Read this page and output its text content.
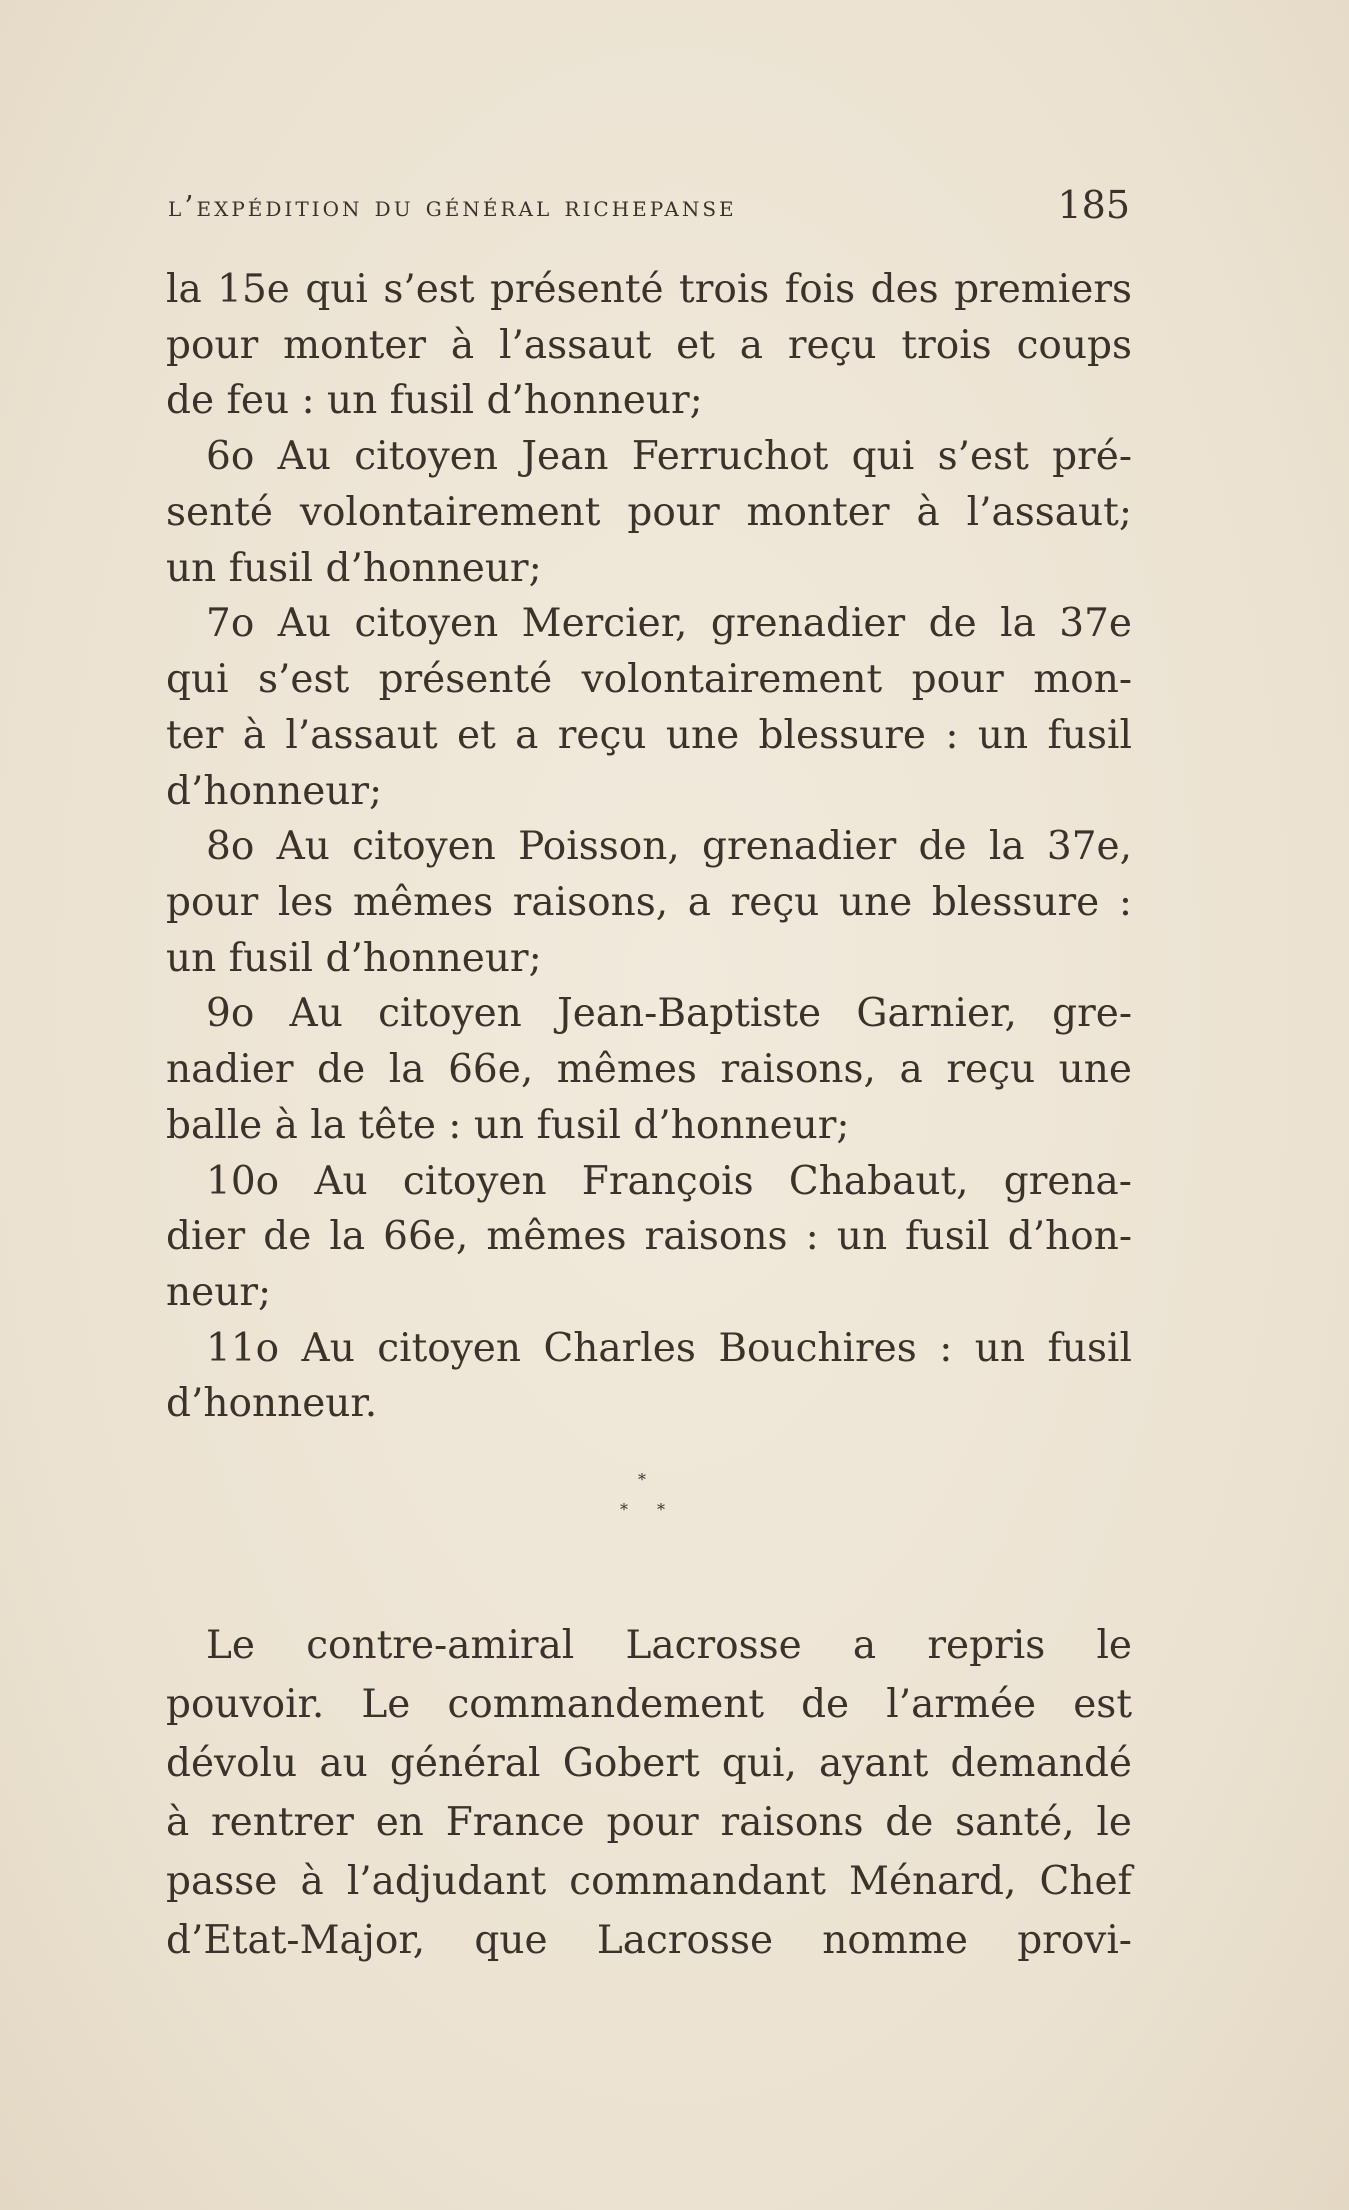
l’expédition du général richepanse	185
la 15e qui s’est présenté trois fois des premiers
pour monter à l’assaut et a reçu trois coups
de feu : un fusil d’honneur;
6o Au citoyen Jean Ferruchot qui s’est pré-
senté volontairement pour monter à l’assaut;
un fusil d’honneur;
7o Au citoyen Mercier, grenadier de la 37e
qui s’est présenté volontairement pour mon-
ter à l’assaut et a reçu une blessure : un fusil
d’honneur;
8o Au citoyen Poisson, grenadier de la 37e,
pour les mêmes raisons, a reçu une blessure :
un fusil d’honneur;
9o Au citoyen Jean-Baptiste Garnier, gre-
nadier de la 66e, mêmes raisons, a reçu une
balle à la tête : un fusil d’honneur;
10o Au citoyen François Chabaut, grena-
dier de la 66e, mêmes raisons : un fusil d’hon-
neur;
11o Au citoyen Charles Bouchires : un fusil
d’honneur.
*
* *
Le contre-amiral Lacrosse a repris le
pouvoir. Le commandement de l’armée est
dévolu au général Gobert qui, ayant demandé
à rentrer en France pour raisons de santé, le
passe à l’adjudant commandant Ménard, Chef
d’Etat-Major, que Lacrosse nomme provi-
